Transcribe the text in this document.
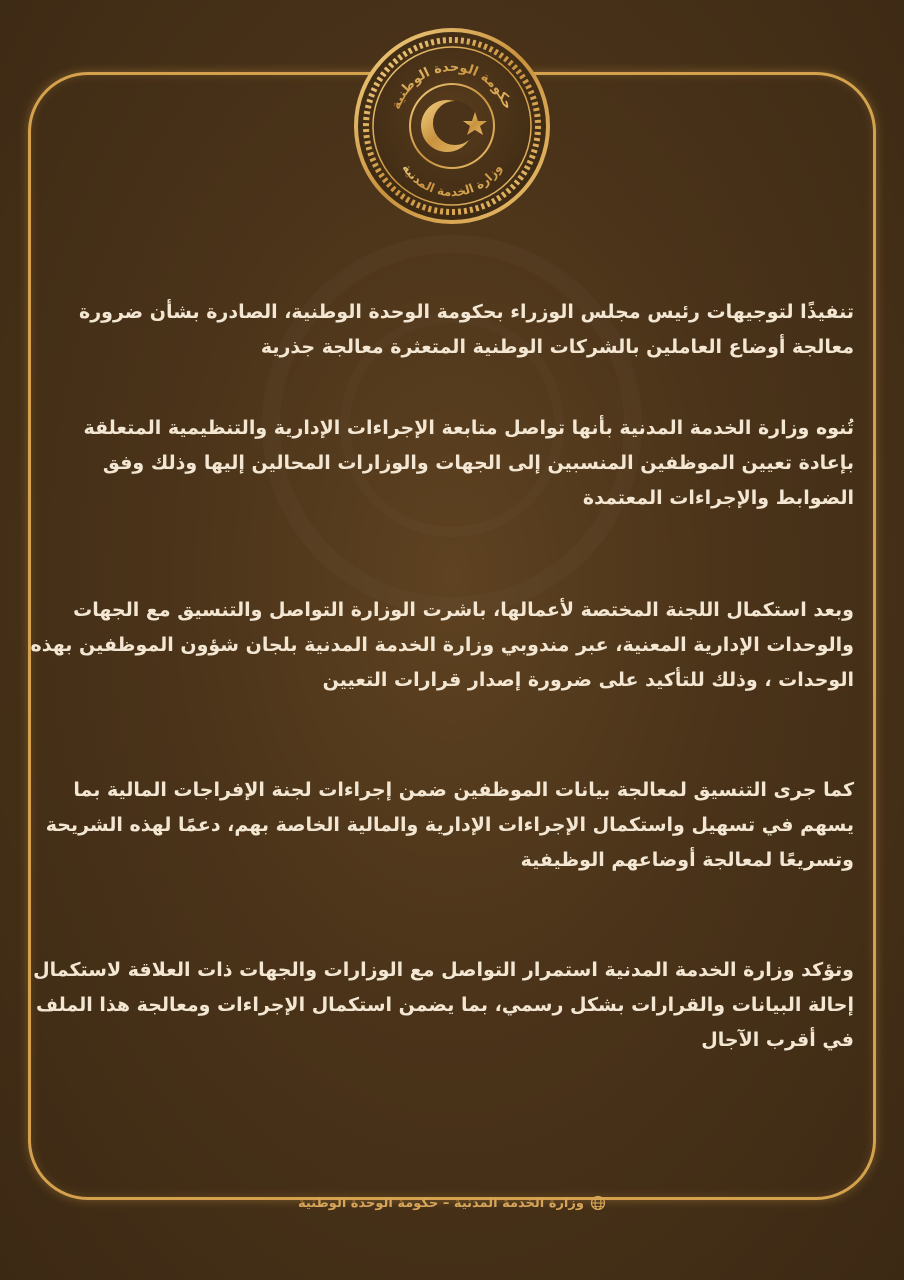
حكومة الوحدة الوطنية
وزارة الخدمة المدنية

تنفيذًا لتوجيهات رئيس مجلس الوزراء بحكومة الوحدة الوطنية، الصادرة بشأن ضرورة معالجة أوضاع العاملين بالشركات الوطنية المتعثرة معالجة جذرية

تُنوه وزارة الخدمة المدنية بأنها تواصل متابعة الإجراءات الإدارية والتنظيمية المتعلقة بإعادة تعيين الموظفين المنسبين إلى الجهات والوزارات المحالين إليها وذلك وفق الضوابط والإجراءات المعتمدة

وبعد استكمال اللجنة المختصة لأعمالها، باشرت الوزارة التواصل والتنسيق مع الجهات والوحدات الإدارية المعنية، عبر مندوبي وزارة الخدمة المدنية بلجان شؤون الموظفين بهذه الوحدات ، وذلك للتأكيد على ضرورة إصدار قرارات التعيين

كما جرى التنسيق لمعالجة بيانات الموظفين ضمن إجراءات لجنة الإفراجات المالية بما يسهم في تسهيل واستكمال الإجراءات الإدارية والمالية الخاصة بهم، دعمًا لهذه الشريحة وتسريعًا لمعالجة أوضاعهم الوظيفية

وتؤكد وزارة الخدمة المدنية استمرار التواصل مع الوزارات والجهات ذات العلاقة لاستكمال إحالة البيانات والقرارات بشكل رسمي، بما يضمن استكمال الإجراءات ومعالجة هذا الملف في أقرب الآجال

وزارة الخدمة المدنية – حكومة الوحدة الوطنية
